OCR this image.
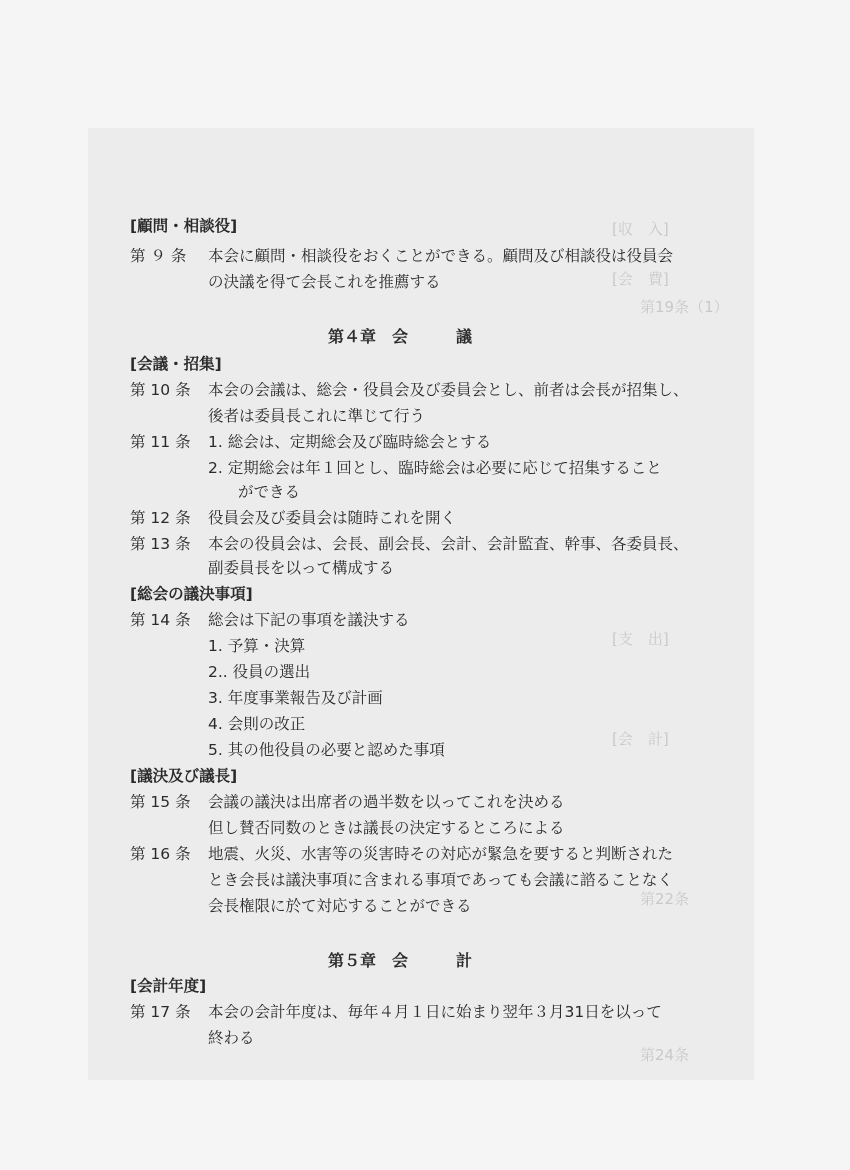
[収　入]
[会　費]
第19条（1）
[支　出]
[会　計]
第22条
第24条
[顧問・相談役]
第 ９ 条 本会に顧問・相談役をおくことができる。顧問及び相談役は役員会
の決議を得て会長これを推薦する
第４章　会　　　議
[会議・招集]
第 10 条 本会の会議は、総会・役員会及び委員会とし、前者は会長が招集し、
後者は委員長これに準じて行う
第 11 条 1. 総会は、定期総会及び臨時総会とする
2. 定期総会は年１回とし、臨時総会は必要に応じて招集すること
ができる
第 12 条 役員会及び委員会は随時これを開く
第 13 条 本会の役員会は、会長、副会長、会計、会計監査、幹事、各委員長、
副委員長を以って構成する
[総会の議決事項]
第 14 条 総会は下記の事項を議決する
1. 予算・決算
2.. 役員の選出
3. 年度事業報告及び計画
4. 会則の改正
5. 其の他役員の必要と認めた事項
[議決及び議長]
第 15 条 会議の議決は出席者の過半数を以ってこれを決める
但し賛否同数のときは議長の決定するところによる
第 16 条 地震、火災、水害等の災害時その対応が緊急を要すると判断された
とき会長は議決事項に含まれる事項であっても会議に諮ることなく
会長権限に於て対応することができる
第５章　会　　　計
[会計年度]
第 17 条 本会の会計年度は、毎年４月１日に始まり翌年３月31日を以って
終わる
